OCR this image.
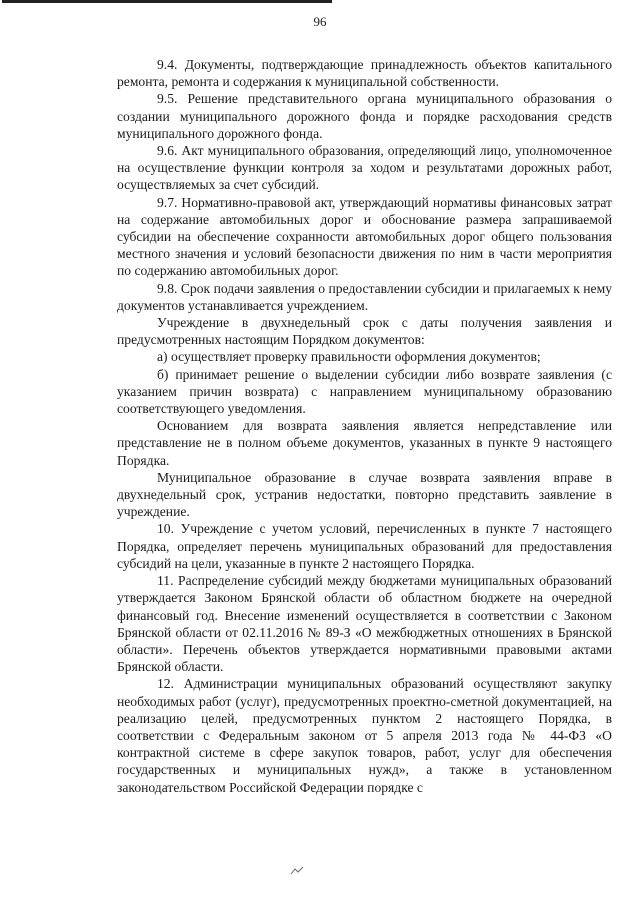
96

9.4. Документы, подтверждающие принадлежность объектов капитального ремонта, ремонта и содержания к муниципальной собственности.

9.5. Решение представительного органа муниципального образования о создании муниципального дорожного фонда и порядке расходования средств муниципального дорожного фонда.

9.6. Акт муниципального образования, определяющий лицо, уполномоченное на осуществление функции контроля за ходом и результатами дорожных работ, осуществляемых за счет субсидий.

9.7. Нормативно-правовой акт, утверждающий нормативы финансовых затрат на содержание автомобильных дорог и обоснование размера запрашиваемой субсидии на обеспечение сохранности автомобильных дорог общего пользования местного значения и условий безопасности движения по ним в части мероприятия по содержанию автомобильных дорог.

9.8. Срок подачи заявления о предоставлении субсидии и прилагаемых к нему документов устанавливается учреждением.

Учреждение в двухнедельный срок с даты получения заявления и предусмотренных настоящим Порядком документов:

а) осуществляет проверку правильности оформления документов;

б) принимает решение о выделении субсидии либо возврате заявления (с указанием причин возврата) с направлением муниципальному образованию соответствующего уведомления.

Основанием для возврата заявления является непредставление или представление не в полном объеме документов, указанных в пункте 9 настоящего Порядка.

Муниципальное образование в случае возврата заявления вправе в двухнедельный срок, устранив недостатки, повторно представить заявление в учреждение.

10. Учреждение с учетом условий, перечисленных в пункте 7 настоящего Порядка, определяет перечень муниципальных образований для предоставления субсидий на цели, указанные в пункте 2 настоящего Порядка.

11. Распределение субсидий между бюджетами муниципальных образований утверждается Законом Брянской области об областном бюджете на очередной финансовый год. Внесение изменений осуществляется в соответствии с Законом Брянской области от 02.11.2016 № 89-З «О межбюджетных отношениях в Брянской области». Перечень объектов утверждается нормативными правовыми актами Брянской области.

12. Администрации муниципальных образований осуществляют закупку необходимых работ (услуг), предусмотренных проектно-сметной документацией, на реализацию целей, предусмотренных пунктом 2 настоящего Порядка, в соответствии с Федеральным законом от 5 апреля 2013 года № 44-ФЗ «О контрактной системе в сфере закупок товаров, работ, услуг для обеспечения государственных и муниципальных нужд», а также в установленном законодательством Российской Федерации порядке с
